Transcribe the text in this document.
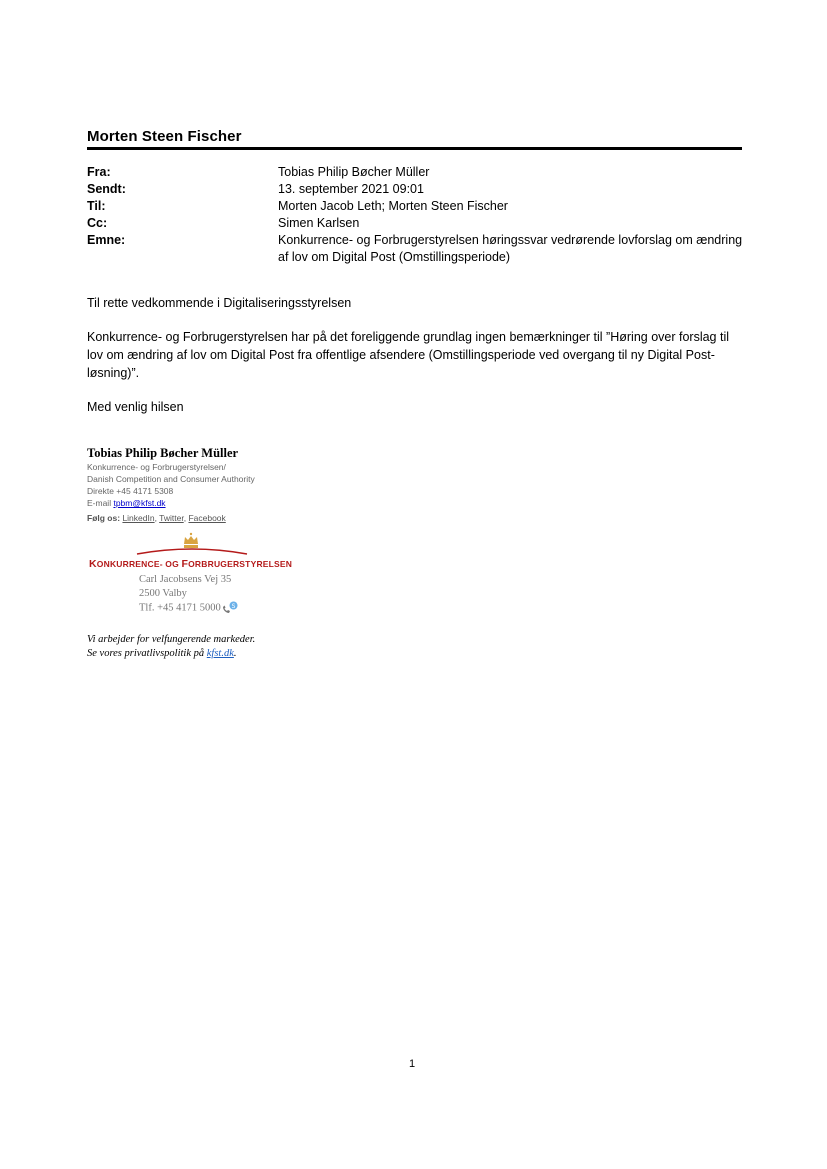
Morten Steen Fischer
Fra:	Tobias Philip Bøcher Müller
Sendt:	13. september 2021 09:01
Til:	Morten Jacob Leth; Morten Steen Fischer
Cc:	Simen Karlsen
Emne:	Konkurrence- og Forbrugerstyrelsen høringssvar vedrørende lovforslag om ændring af lov om Digital Post (Omstillingsperiode)

Til rette vedkommende i Digitaliseringsstyrelsen

Konkurrence- og Forbrugerstyrelsen har på det foreliggende grundlag ingen bemærkninger til ”Høring over forslag til lov om ændring af lov om Digital Post fra offentlige afsendere (Omstillingsperiode ved overgang til ny Digital Post-løsning)”.

Med venlig hilsen

Tobias Philip Bøcher Müller
Konkurrence- og Forbrugerstyrelsen/
Danish Competition and Consumer Authority
Direkte +45 4171 5308
E-mail tpbm@kfst.dk
Følg os: LinkedIn, Twitter, Facebook
KONKURRENCE- OG FORBRUGERSTYRELSEN
Carl Jacobsens Vej 35
2500 Valby
Tlf. +45 4171 5000 S
Vi arbejder for velfungerende markeder.
Se vores privatlivspolitik på kfst.dk.
1
